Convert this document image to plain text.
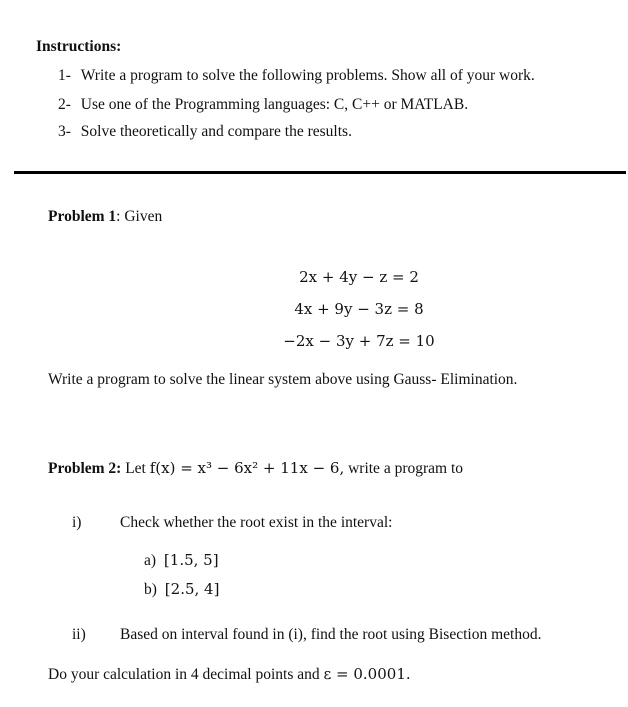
Instructions:
1- Write a program to solve the following problems. Show all of your work.
2- Use one of the Programming languages: C, C++ or MATLAB.
3- Solve theoretically and compare the results.
Problem 1: Given
2x + 4y − z = 2
4x + 9y − 3z = 8
−2x − 3y + 7z = 10
Write a program to solve the linear system above using Gauss- Elimination.
Problem 2: Let f(x) = x³ − 6x² + 11x − 6, write a program to
i) Check whether the root exist in the interval:
a) [1.5, 5]
b) [2.5, 4]
ii) Based on interval found in (i), find the root using Bisection method.
Do your calculation in 4 decimal points and ε = 0.0001.
